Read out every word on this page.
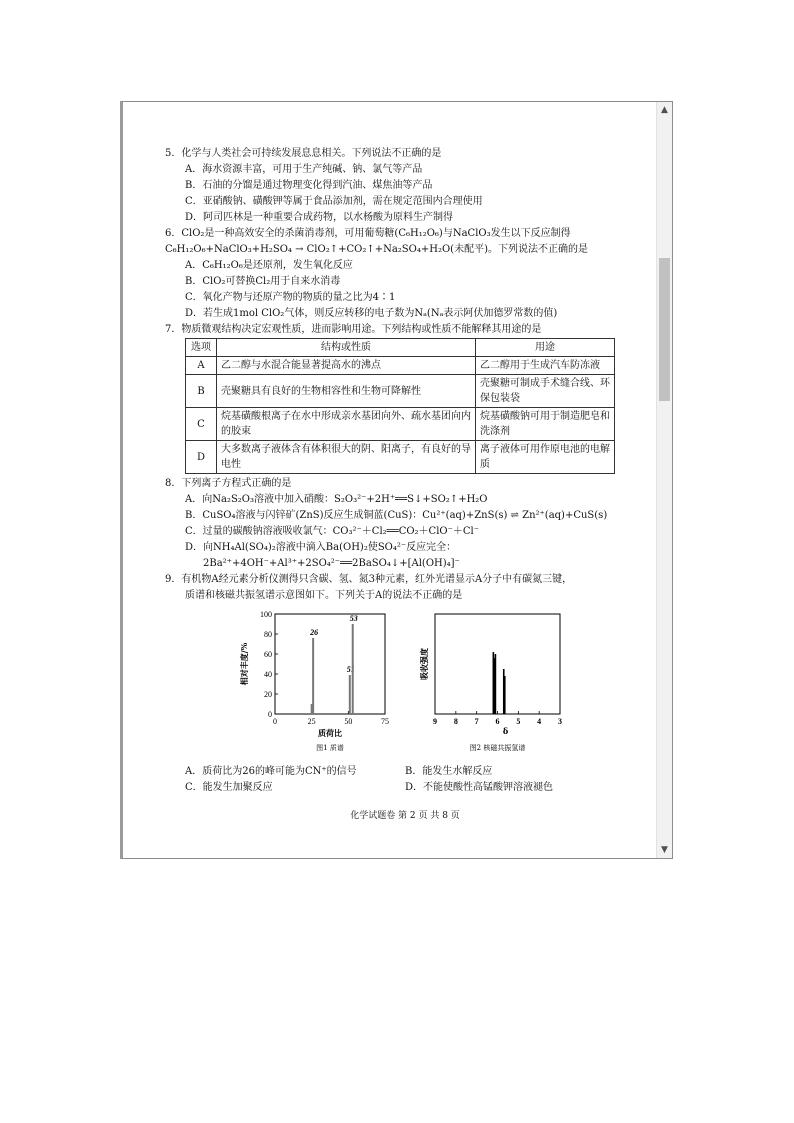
▲
▼
5．化学与人类社会可持续发展息息相关。下列说法不正确的是
A．海水资源丰富，可用于生产纯碱、钠、氯气等产品
B．石油的分馏是通过物理变化得到汽油、煤焦油等产品
C．亚硝酸钠、磺酸钾等属于食品添加剂，需在规定范围内合理使用
D．阿司匹林是一种重要合成药物，以水杨酸为原料生产制得
6．ClO₂是一种高效安全的杀菌消毒剂，可用葡萄糖(C₆H₁₂O₆)与NaClO₃发生以下反应制得
C₆H₁₂O₆+NaClO₃+H₂SO₄ → ClO₂↑+CO₂↑+Na₂SO₄+H₂O(未配平)。下列说法不正确的是
A．C₆H₁₂O₆是还原剂，发生氧化反应
B．ClO₂可替换Cl₂用于自来水消毒
C．氧化产物与还原产物的物质的量之比为4∶1
D．若生成1mol ClO₂气体，则反应转移的电子数为Nₐ(Nₐ表示阿伏加德罗常数的值)
7．物质微观结构决定宏观性质，进而影响用途。下列结构或性质不能解释其用途的是
选项	结构或性质	用途
A	乙二醇与水混合能显著提高水的沸点	乙二醇用于生成汽车防冻液
B	壳聚糖具有良好的生物相容性和生物可降解性	壳聚糖可制成手术缝合线、环保包装袋
C	烷基磺酸根离子在水中形成亲水基团向外、疏水基团向内的胶束	烷基磺酸钠可用于制造肥皂和洗涤剂
D	大多数离子液体含有体积很大的阴、阳离子，有良好的导电性	离子液体可用作原电池的电解质
8．下列离子方程式正确的是
A．向Na₂S₂O₃溶液中加入硝酸：S₂O₃²⁻+2H⁺══S↓+SO₂↑+H₂O
B．CuSO₄溶液与闪锌矿(ZnS)反应生成铜蓝(CuS)：Cu²⁺(aq)+ZnS(s) ⇌ Zn²⁺(aq)+CuS(s)
C．过量的碳酸钠溶液吸收氯气：CO₃²⁻＋Cl₂══CO₂＋ClO⁻＋Cl⁻
D．向NH₄Al(SO₄)₂溶液中滴入Ba(OH)₂使SO₄²⁻反应完全：
2Ba²⁺+4OH⁻+Al³⁺+2SO₄²⁻══2BaSO₄↓+[Al(OH)₄]⁻
9．有机物A经元素分析仪测得只含碳、氢、氮3种元素，红外光谱显示A分子中有碳氮三键，
质谱和核磁共振氢谱示意图如下。下列关于A的说法不正确的是
0
20
40
60
80
100
0	25	50	75
26
51
53
质荷比
相对丰度/%
图1 质谱
9 8 7 6 5 4 3
δ
吸收强度
图2 核磁共振氢谱
A．质荷比为26的峰可能为CN⁺的信号	B．能发生水解反应
C．能发生加聚反应	D．不能使酸性高锰酸钾溶液褪色
化学试题卷 第 2 页 共 8 页
